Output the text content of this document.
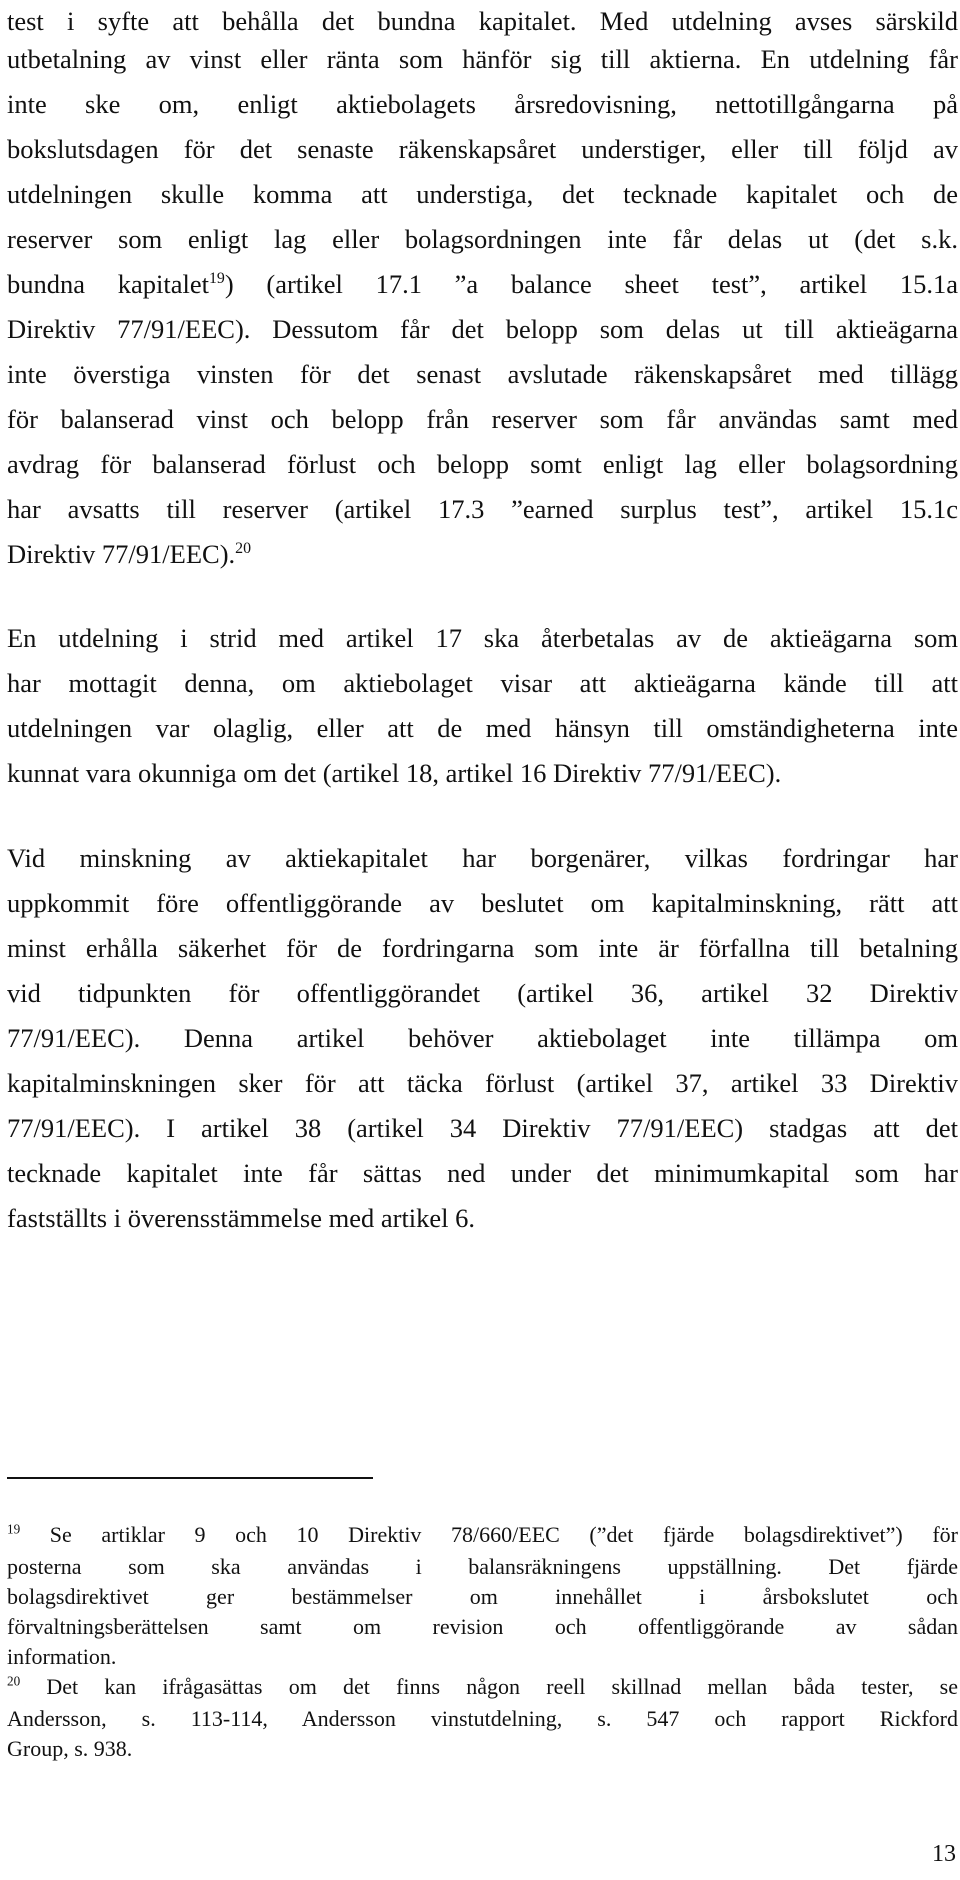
test i syfte att behålla det bundna kapitalet. Med utdelning avses särskild
utbetalning av vinst eller ränta som hänför sig till aktierna. En utdelning får
inte ske om, enligt aktiebolagets årsredovisning, nettotillgångarna på
bokslutsdagen för det senaste räkenskapsåret understiger, eller till följd av
utdelningen skulle komma att understiga, det tecknade kapitalet och de
reserver som enligt lag eller bolagsordningen inte får delas ut (det s.k.
bundna kapitalet$^{19}$) (artikel 17.1 ”a balance sheet test”, artikel 15.1a
Direktiv 77/91/EEC). Dessutom får det belopp som delas ut till aktieägarna
inte överstiga vinsten för det senast avslutade räkenskapsåret med tillägg
för balanserad vinst och belopp från reserver som får användas samt med
avdrag för balanserad förlust och belopp somt enligt lag eller bolagsordning
har avsatts till reserver (artikel 17.3 ”earned surplus test”, artikel 15.1c
Direktiv 77/91/EEC).$^{20}$
En utdelning i strid med artikel 17 ska återbetalas av de aktieägarna som
har mottagit denna, om aktiebolaget visar att aktieägarna kände till att
utdelningen var olaglig, eller att de med hänsyn till omständigheterna inte
kunnat vara okunniga om det (artikel 18, artikel 16 Direktiv 77/91/EEC).
Vid minskning av aktiekapitalet har borgenärer, vilkas fordringar har
uppkommit före offentliggörande av beslutet om kapitalminskning, rätt att
minst erhålla säkerhet för de fordringarna som inte är förfallna till betalning
vid tidpunkten för offentliggörandet (artikel 36, artikel 32 Direktiv
77/91/EEC). Denna artikel behöver aktiebolaget inte tillämpa om
kapitalminskningen sker för att täcka förlust (artikel 37, artikel 33 Direktiv
77/91/EEC). I artikel 38 (artikel 34 Direktiv 77/91/EEC) stadgas att det
tecknade kapitalet inte får sättas ned under det minimumkapital som har
fastställts i överensstämmelse med artikel 6.
$^{19}$ Se artiklar 9 och 10 Direktiv 78/660/EEC (”det fjärde bolagsdirektivet”) för
posterna som ska användas i balansräkningens uppställning. Det fjärde
bolagsdirektivet ger bestämmelser om innehållet i årsbokslutet och
förvaltningsberättelsen samt om revision och offentliggörande av sådan
information.
$^{20}$ Det kan ifrågasättas om det finns någon reell skillnad mellan båda tester, se
Andersson, s. 113-114, Andersson vinstutdelning, s. 547 och rapport Rickford
Group, s. 938.
13
